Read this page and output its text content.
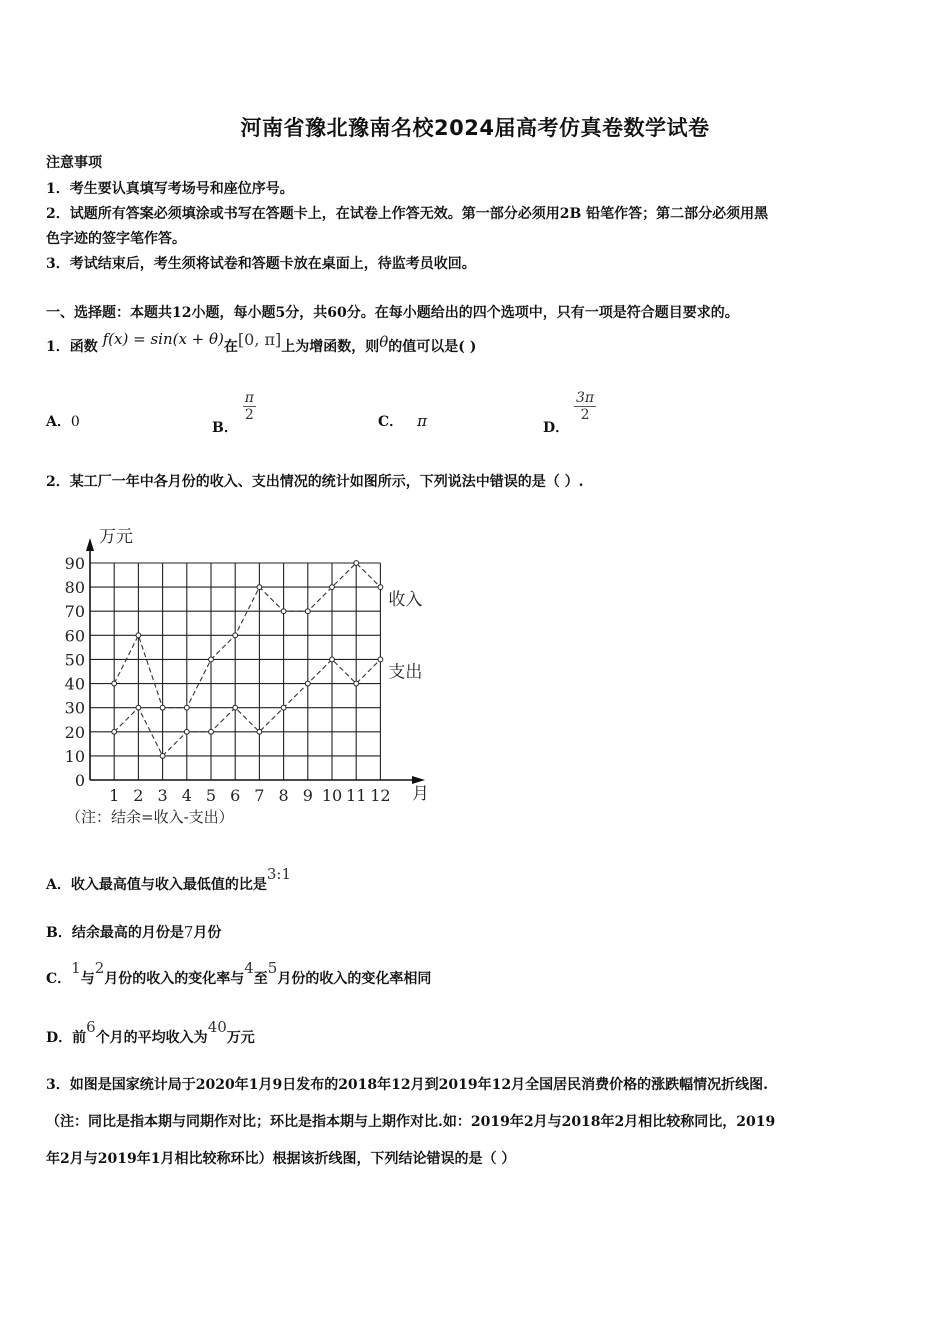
河南省豫北豫南名校2024届高考仿真卷数学试卷
注意事项
1．考生要认真填写考场号和座位序号。
2．试题所有答案必须填涂或书写在答题卡上，在试卷上作答无效。第一部分必须用2B 铅笔作答；第二部分必须用黑
色字迹的签字笔作答。
3．考试结束后，考生须将试卷和答题卡放在桌面上，待监考员收回。
一、选择题：本题共12小题，每小题5分，共60分。在每小题给出的四个选项中，只有一项是符合题目要求的。
1．函数 f(x) = sin(x + θ)在[0, π]上为增函数，则θ的值可以是( )
A．0	B．
$\frac{\pi}{2}$	C． π	D．
$\frac{3\pi}{2}$
2．某工厂一年中各月份的收入、支出情况的统计如图所示，下列说法中错误的是（ ）.
0
10
20
30
40
50
60
70
80
90
1 2 3 4 5 6 7 8 9 10 11 12
收入
支出
万元
月
（注：结余=收入-支出）
A．收入最高值与收入最低值的比是3:1
B．结余最高的月份是7月份
C．1与2月份的收入的变化率与4至5月份的收入的变化率相同
D．前6个月的平均收入为40万元
3．如图是国家统计局于2020年1月9日发布的2018年12月到2019年12月全国居民消费价格的涨跌幅情况折线图.
（注：同比是指本期与同期作对比；环比是指本期与上期作对比.如：2019年2月与2018年2月相比较称同比，2019
年2月与2019年1月相比较称环比）根据该折线图，下列结论错误的是（ ）
